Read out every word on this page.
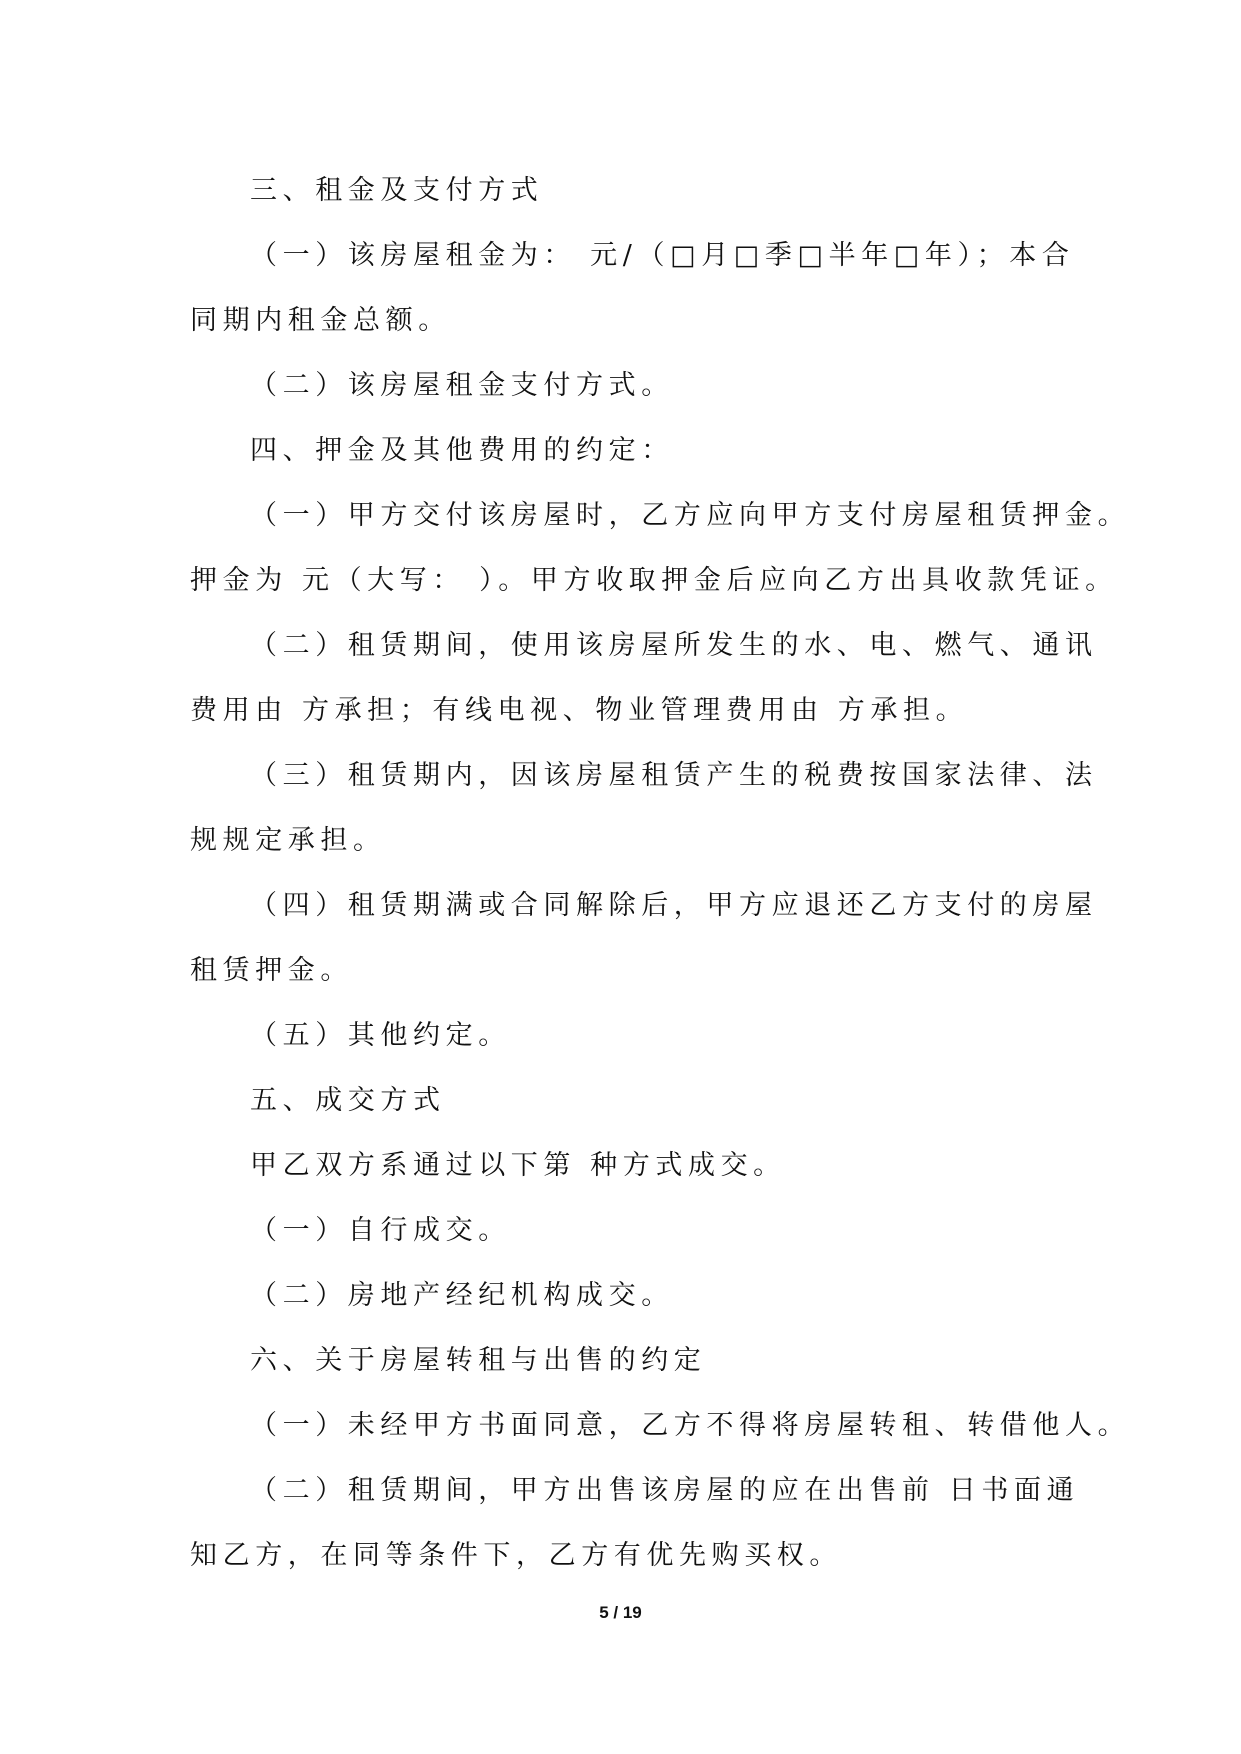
三、租金及支付方式
（一）该房屋租金为： 元/（□月□季□半年□年）；本合
同期内租金总额。
（二）该房屋租金支付方式。
四、押金及其他费用的约定：
（一）甲方交付该房屋时，乙方应向甲方支付房屋租赁押金。
押金为 元（大写： ）。甲方收取押金后应向乙方出具收款凭证。
（二）租赁期间，使用该房屋所发生的水、电、燃气、通讯
费用由 方承担；有线电视、物业管理费用由 方承担。
（三）租赁期内，因该房屋租赁产生的税费按国家法律、法
规规定承担。
（四）租赁期满或合同解除后，甲方应退还乙方支付的房屋
租赁押金。
（五）其他约定。
五、成交方式
甲乙双方系通过以下第 种方式成交。
（一）自行成交。
（二）房地产经纪机构成交。
六、关于房屋转租与出售的约定
（一）未经甲方书面同意，乙方不得将房屋转租、转借他人。
（二）租赁期间，甲方出售该房屋的应在出售前 日书面通
知乙方，在同等条件下，乙方有优先购买权。
5 / 19
